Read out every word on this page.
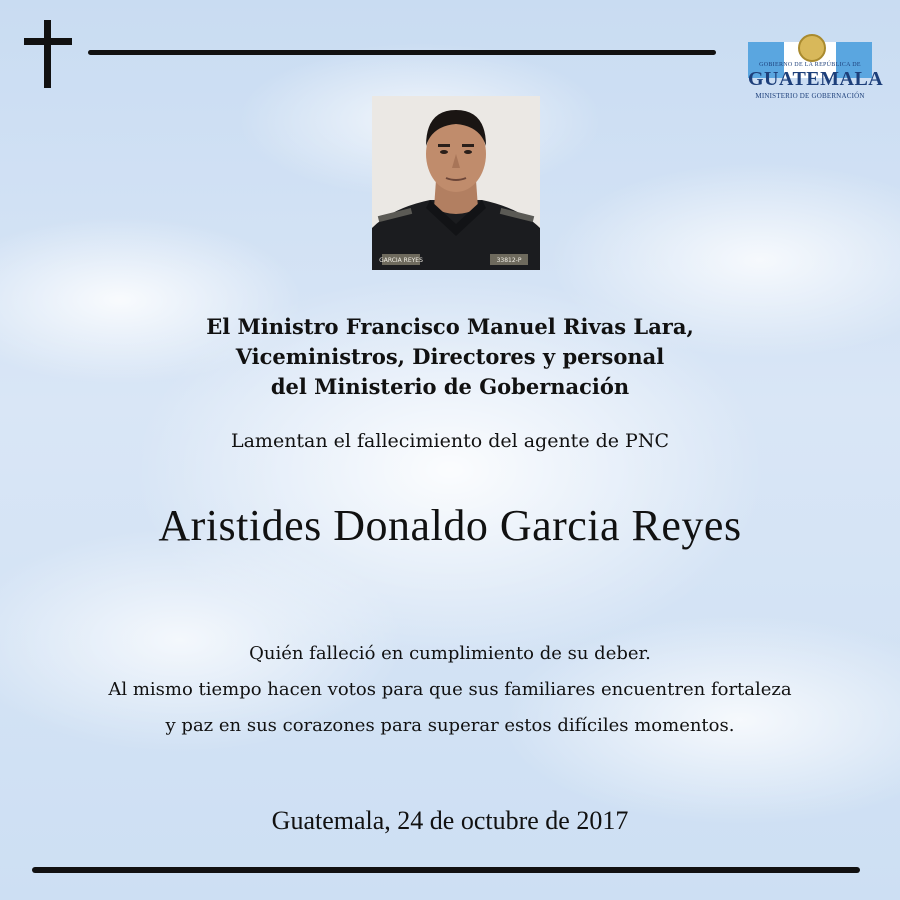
GOBIERNO DE LA REPÚBLICA DE
GUATEMALA
MINISTERIO DE GOBERNACIÓN
GARCIA REYES	33812-P
El Ministro Francisco Manuel Rivas Lara,
Viceministros, Directores y personal
del Ministerio de Gobernación
Lamentan el fallecimiento del agente de PNC
Aristides Donaldo Garcia Reyes
Quién falleció en cumplimiento de su deber.
Al mismo tiempo hacen votos para que sus familiares encuentren fortaleza
y paz en sus corazones para superar estos difíciles momentos.
Guatemala, 24 de octubre de 2017
